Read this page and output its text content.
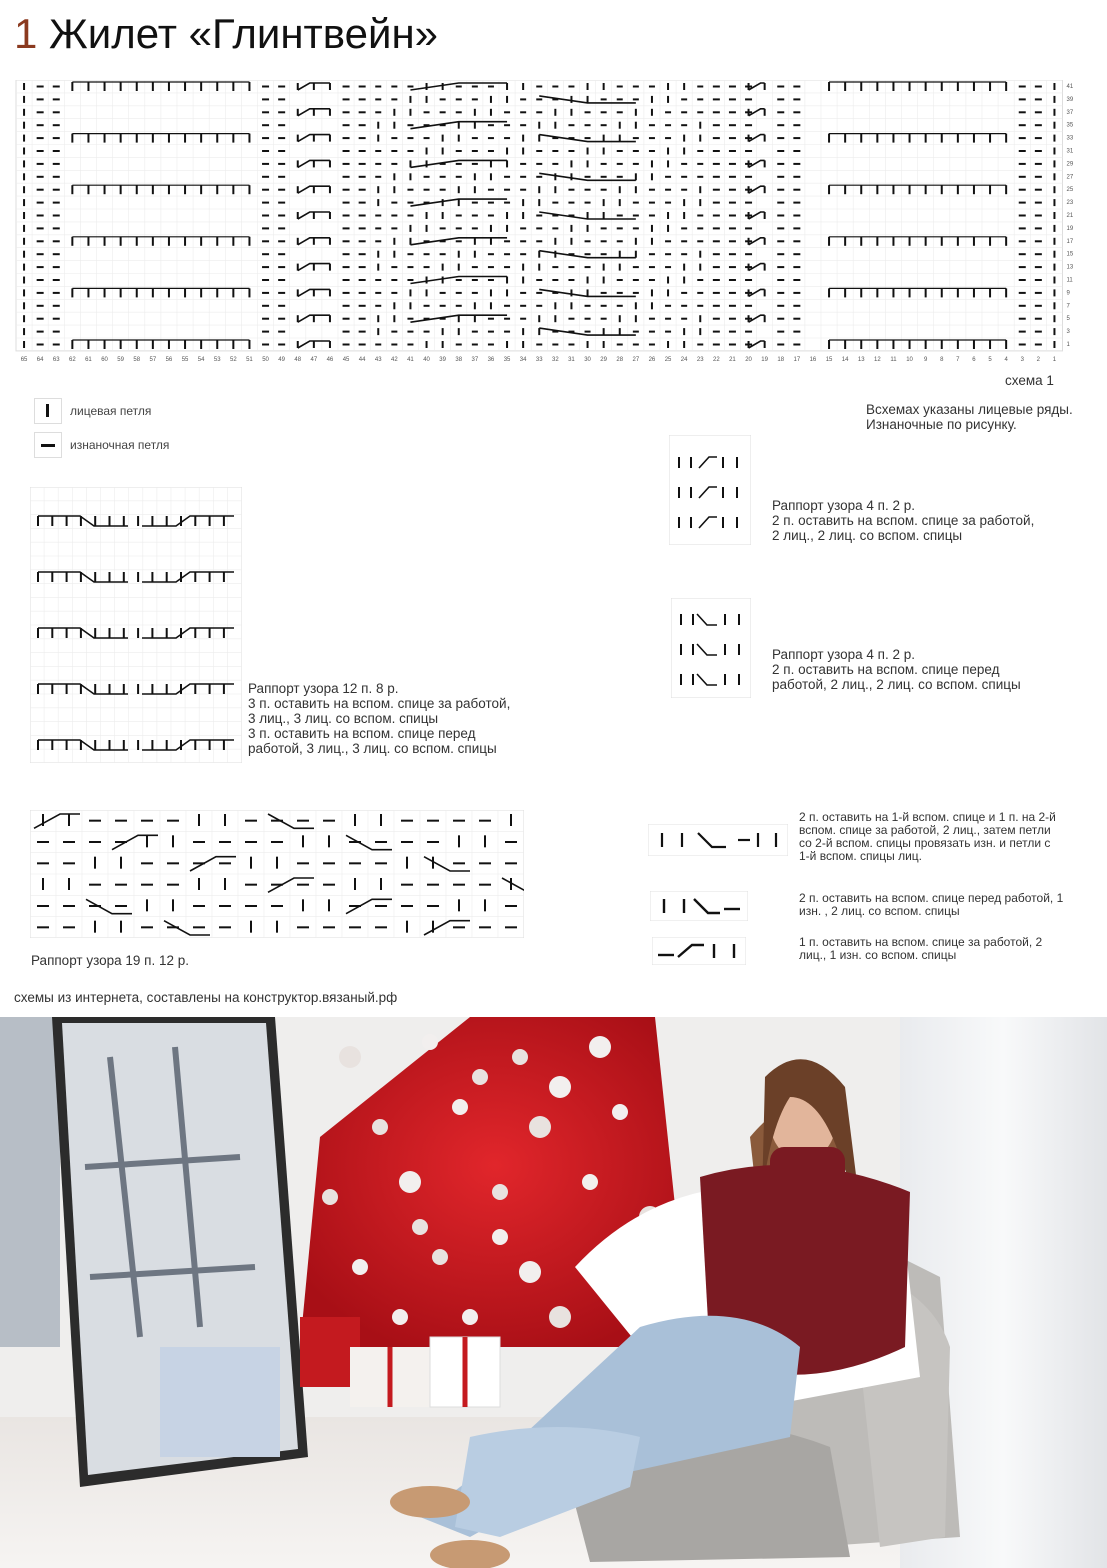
1 Жилет «Глинтвейн»
65 64 63 62 61 60 59 58 57 56 55 54 53 52 51 50 49 48 47 46 45 44 43 42 41 40 39 38 37 36 35 34 33 32 31 30 29 28 27 26 25 24 23 22 21 20 19 18 17 16 15 14 13 12 11 10 9 8 7 6 5 4 3 2 1
41
39
37
35
33
31
29
27
25
23
21
19
17
15
13
11
9
7
5
3
1
схема 1
лицевая петля
изнаночная петля
Всхемах указаны лицевые ряды.
Изнаночные по рисунку.
Раппорт узора 12 п. 8 р.
3 п. оставить на вспом. спице за работой,
3 лиц., 3 лиц. со вспом. спицы
3 п. оставить на вспом. спице перед
работой, 3 лиц., 3 лиц. со вспом. спицы
Раппорт узора 4 п. 2 р.
2 п. оставить на вспом. спице за работой,
2 лиц., 2 лиц. со вспом. спицы
Раппорт узора 4 п. 2 р.
2 п. оставить на вспом. спице перед
работой, 2 лиц., 2 лиц. со вспом. спицы
Раппорт узора 19 п. 12 р.
2 п. оставить на 1-й вспом. спице и 1 п. на 2-й
вспом. спице за работой, 2 лиц., затем петли
со 2-й вспом. спицы провязать изн. и петли с
1-й вспом. спицы лиц.
2 п. оставить на вспом. спице перед работой, 1
изн. , 2 лиц. со вспом. спицы
1 п. оставить на вспом. спице за работой, 2
лиц., 1 изн. со вспом. спицы
схемы из интернета, составлены на конструктор.вязаный.рф
